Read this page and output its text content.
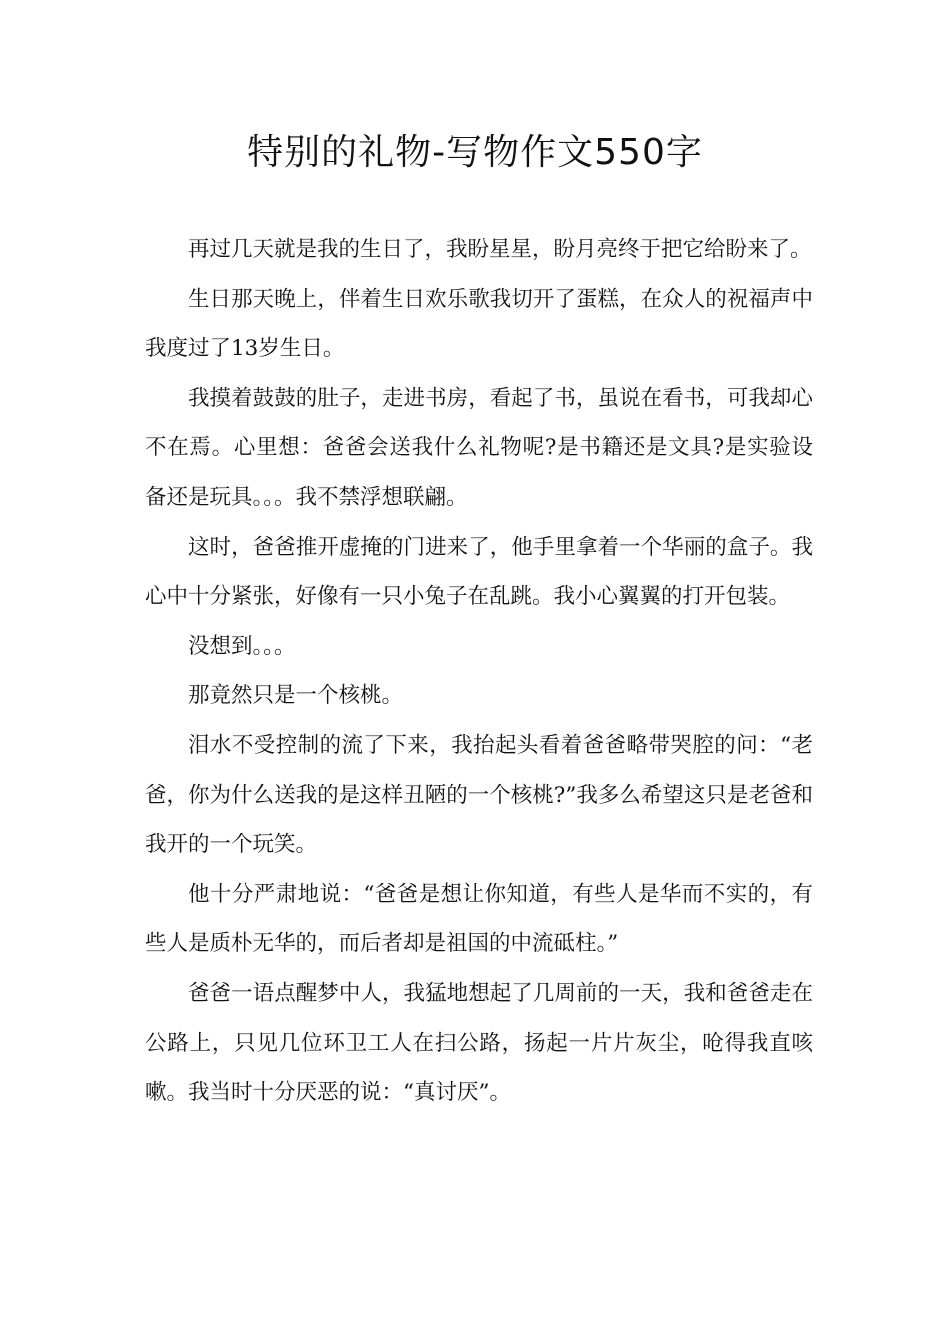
特别的礼物-写物作文550字

再过几天就是我的生日了，我盼星星，盼月亮终于把它给盼来了。

生日那天晚上，伴着生日欢乐歌我切开了蛋糕，在众人的祝福声中我度过了13岁生日。

我摸着鼓鼓的肚子，走进书房，看起了书，虽说在看书，可我却心不在焉。心里想：爸爸会送我什么礼物呢?是书籍还是文具?是实验设备还是玩具。。。我不禁浮想联翩。

这时，爸爸推开虚掩的门进来了，他手里拿着一个华丽的盒子。我心中十分紧张，好像有一只小兔子在乱跳。我小心翼翼的打开包装。

没想到。。。

那竟然只是一个核桃。

泪水不受控制的流了下来，我抬起头看着爸爸略带哭腔的问：“老爸，你为什么送我的是这样丑陋的一个核桃?”我多么希望这只是老爸和我开的一个玩笑。

他十分严肃地说：“爸爸是想让你知道，有些人是华而不实的，有些人是质朴无华的，而后者却是祖国的中流砥柱。”

爸爸一语点醒梦中人，我猛地想起了几周前的一天，我和爸爸走在公路上，只见几位环卫工人在扫公路，扬起一片片灰尘，呛得我直咳嗽。我当时十分厌恶的说：“真讨厌”。
